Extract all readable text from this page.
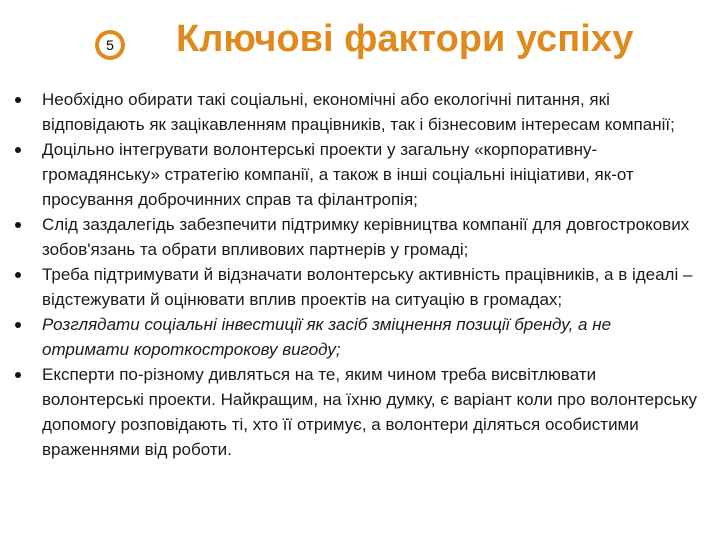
5 Ключові фактори успіху
Необхідно обирати такі соціальні, економічні або екологічні питання, які відповідають як зацікавленням працівників, так і бізнесовим інтересам компанії;
Доцільно інтегрувати волонтерські проекти у загальну «корпоративну-громадянську» стратегію компанії, а також в інші соціальні ініціативи, як-от просування доброчинних справ та філантропія;
Слід заздалегідь забезпечити підтримку керівництва компанії для довгострокових зобов'язань та обрати впливових партнерів у громаді;
Треба підтримувати й відзначати волонтерську активність працівників, а в ідеалі – відстежувати й оцінювати вплив проектів на ситуацію в громадах;
Розглядати соціальні інвестиції як засіб зміцнення позиції бренду, а не отримати короткострокову вигоду;
Експерти по-різному дивляться на те, яким чином треба висвітлювати волонтерські проекти. Найкращим, на їхню думку, є варіант коли про волонтерську допомогу розповідають ті, хто її отримує, а волонтери діляться особистими враженнями від роботи.
